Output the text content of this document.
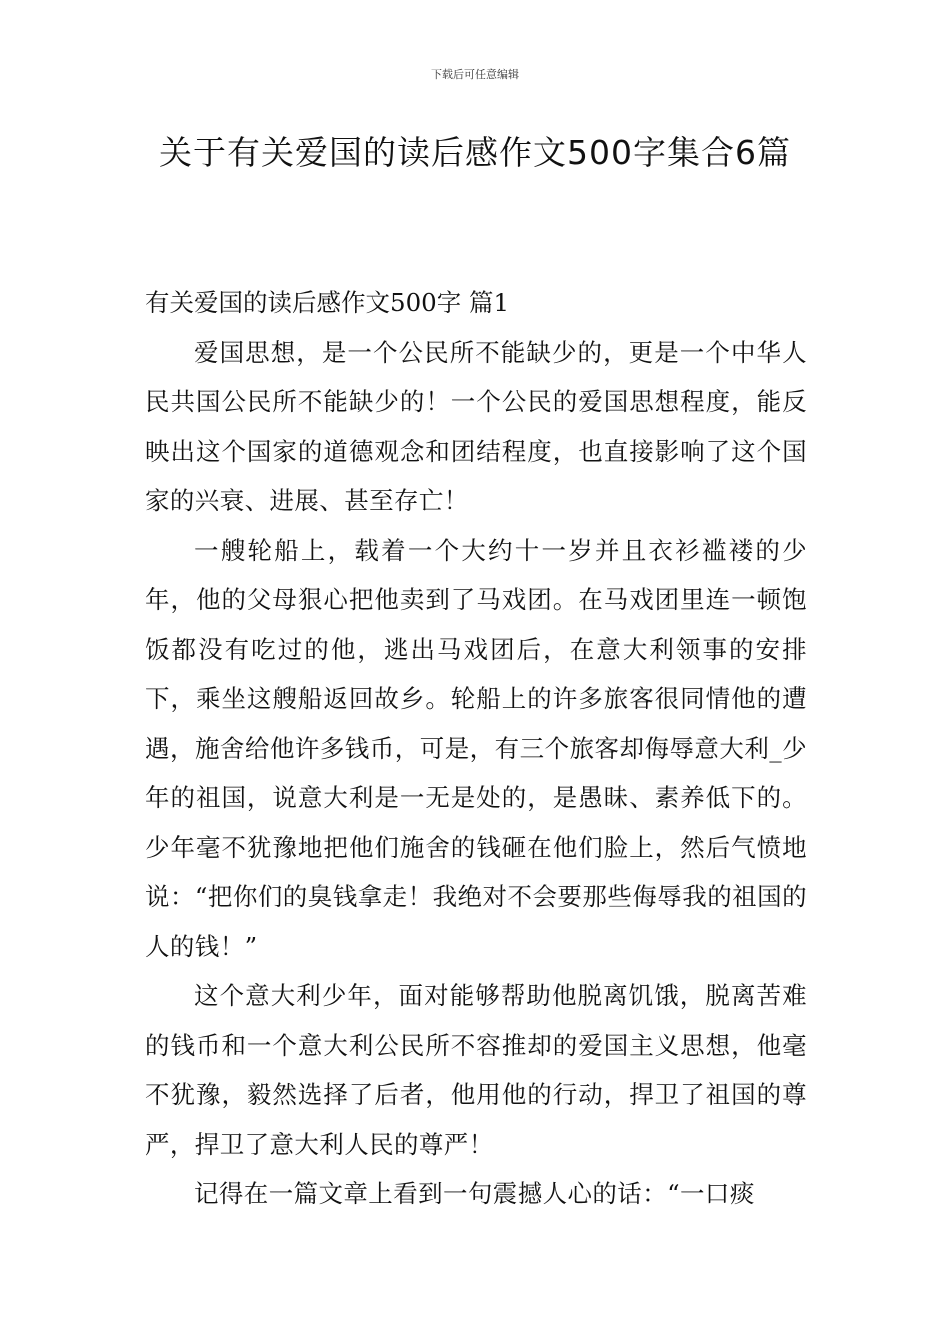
下载后可任意编辑
关于有关爱国的读后感作文500字集合6篇
有关爱国的读后感作文500字 篇1

爱国思想，是一个公民所不能缺少的，更是一个中华人民共国公民所不能缺少的！一个公民的爱国思想程度，能反映出这个国家的道德观念和团结程度，也直接影响了这个国家的兴衰、进展、甚至存亡！

一艘轮船上，载着一个大约十一岁并且衣衫褴褛的少年，他的父母狠心把他卖到了马戏团。在马戏团里连一顿饱饭都没有吃过的他，逃出马戏团后，在意大利领事的安排下，乘坐这艘船返回故乡。轮船上的许多旅客很同情他的遭遇，施舍给他许多钱币，可是，有三个旅客却侮辱意大利_少年的祖国，说意大利是一无是处的，是愚昧、素养低下的。少年毫不犹豫地把他们施舍的钱砸在他们脸上，然后气愤地说：“把你们的臭钱拿走！我绝对不会要那些侮辱我的祖国的人的钱！”

这个意大利少年，面对能够帮助他脱离饥饿，脱离苦难的钱币和一个意大利公民所不容推却的爱国主义思想，他毫不犹豫，毅然选择了后者，他用他的行动，捍卫了祖国的尊严，捍卫了意大利人民的尊严！

记得在一篇文章上看到一句震撼人心的话：“一口痰
